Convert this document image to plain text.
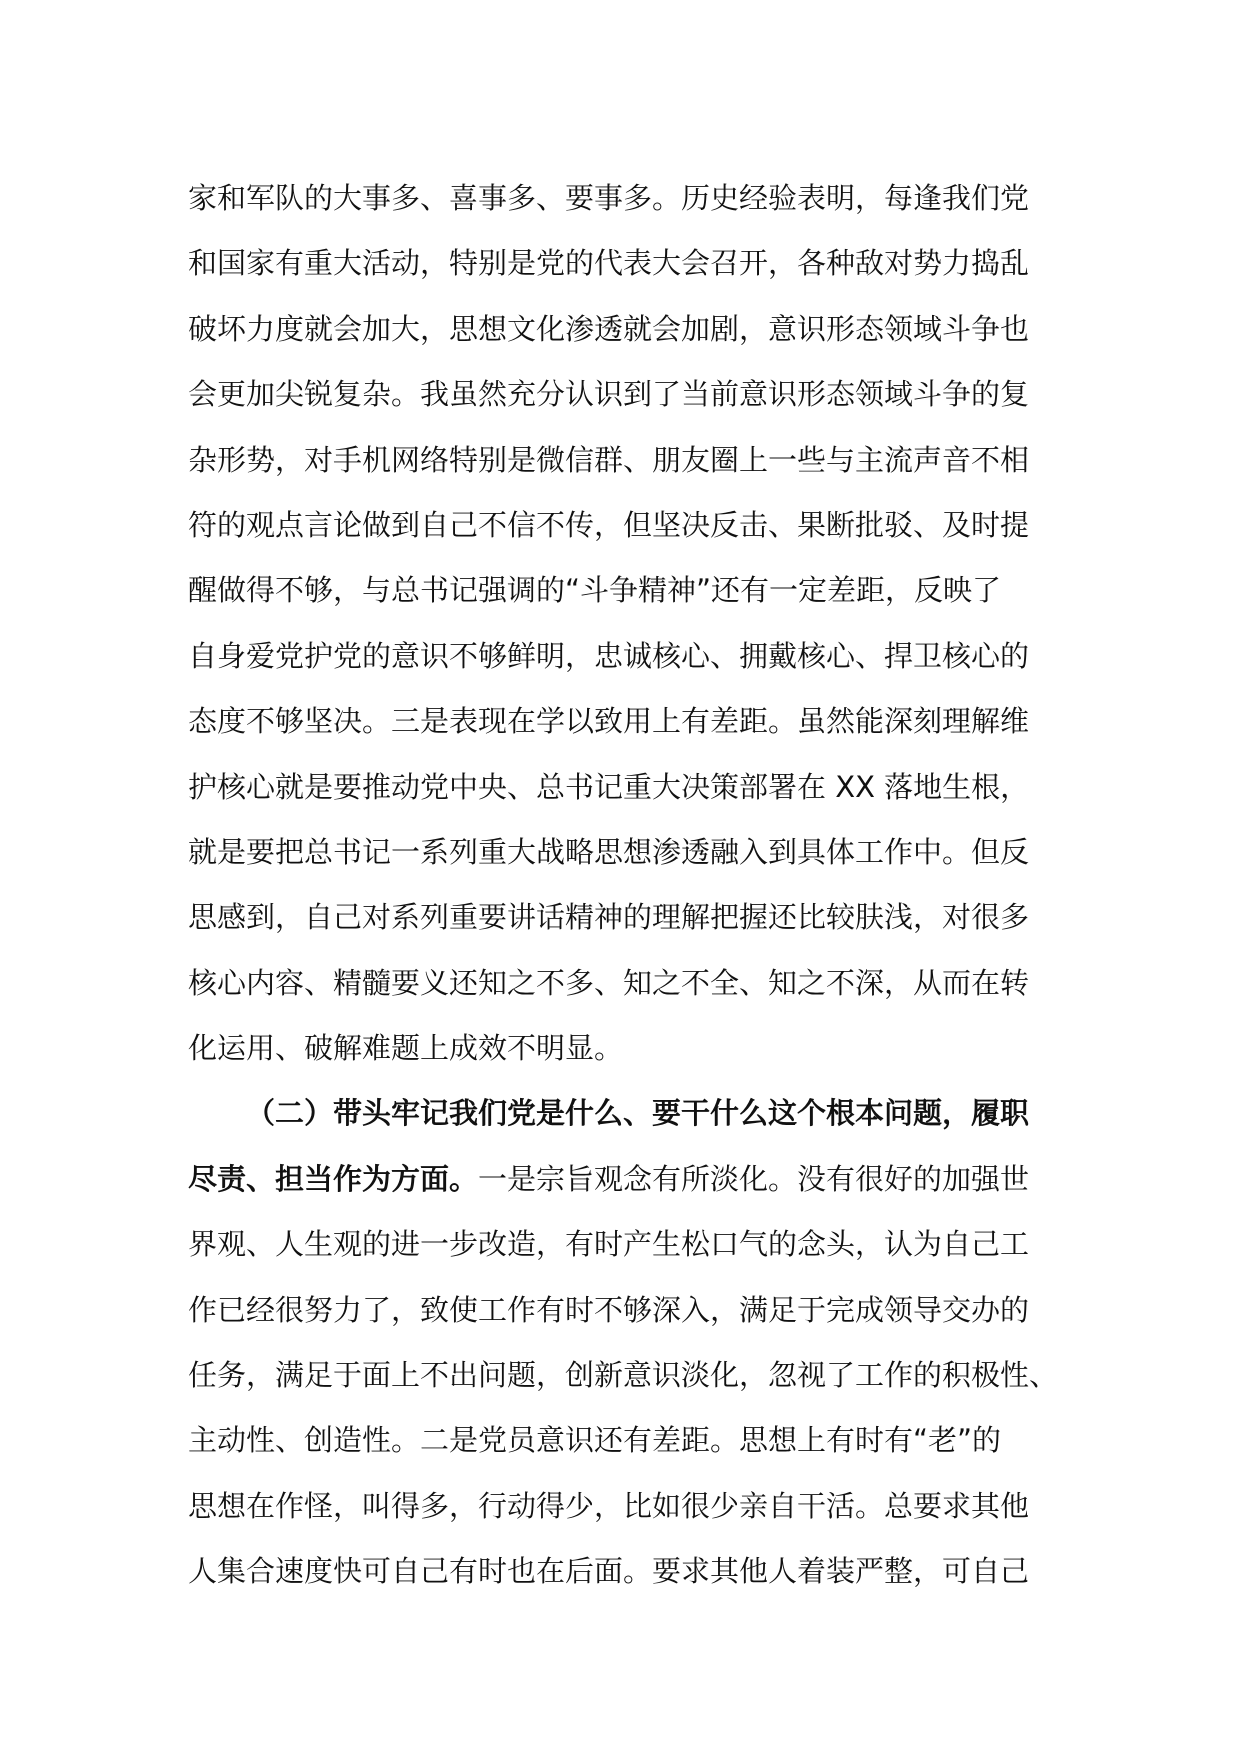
家和军队的大事多、喜事多、要事多。历史经验表明，每逢我们党
和国家有重大活动，特别是党的代表大会召开，各种敌对势力捣乱
破坏力度就会加大，思想文化渗透就会加剧，意识形态领域斗争也
会更加尖锐复杂。我虽然充分认识到了当前意识形态领域斗争的复
杂形势，对手机网络特别是微信群、朋友圈上一些与主流声音不相
符的观点言论做到自己不信不传，但坚决反击、果断批驳、及时提
醒做得不够，与总书记强调的“斗争精神”还有一定差距，反映了
自身爱党护党的意识不够鲜明，忠诚核心、拥戴核心、捍卫核心的
态度不够坚决。三是表现在学以致用上有差距。虽然能深刻理解维
护核心就是要推动党中央、总书记重大决策部署在 XX 落地生根，
就是要把总书记一系列重大战略思想渗透融入到具体工作中。但反
思感到，自己对系列重要讲话精神的理解把握还比较肤浅，对很多
核心内容、精髓要义还知之不多、知之不全、知之不深，从而在转
化运用、破解难题上成效不明显。
（二）带头牢记我们党是什么、要干什么这个根本问题，履职
尽责、担当作为方面。一是宗旨观念有所淡化。没有很好的加强世
界观、人生观的进一步改造，有时产生松口气的念头，认为自己工
作已经很努力了，致使工作有时不够深入，满足于完成领导交办的
任务，满足于面上不出问题，创新意识淡化，忽视了工作的积极性、
主动性、创造性。二是党员意识还有差距。思想上有时有“老”的
思想在作怪，叫得多，行动得少，比如很少亲自干活。总要求其他
人集合速度快可自己有时也在后面。要求其他人着装严整，可自己
